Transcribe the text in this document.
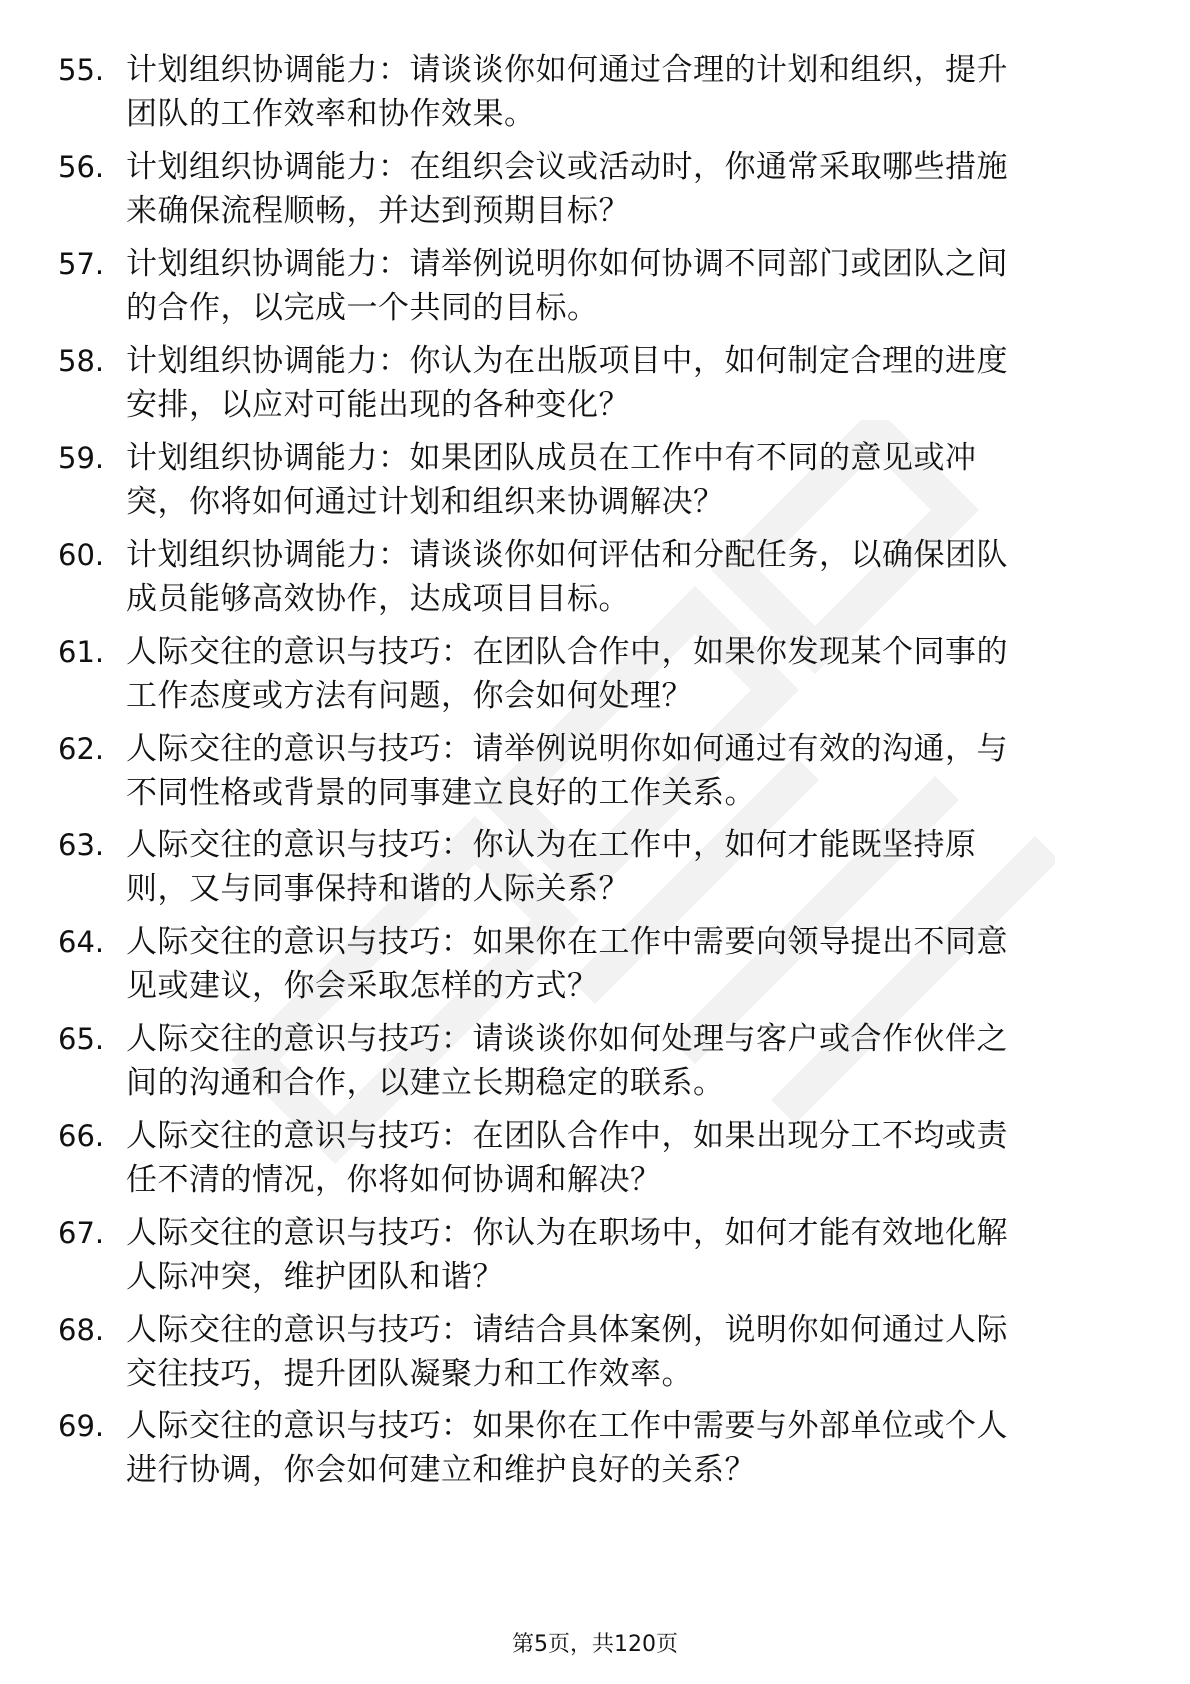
55. 计划组织协调能力：请谈谈你如何通过合理的计划和组织，提升
团队的工作效率和协作效果。
56. 计划组织协调能力：在组织会议或活动时，你通常采取哪些措施
来确保流程顺畅，并达到预期目标？
57. 计划组织协调能力：请举例说明你如何协调不同部门或团队之间
的合作，以完成一个共同的目标。
58. 计划组织协调能力：你认为在出版项目中，如何制定合理的进度
安排，以应对可能出现的各种变化？
59. 计划组织协调能力：如果团队成员在工作中有不同的意见或冲
突，你将如何通过计划和组织来协调解决？
60. 计划组织协调能力：请谈谈你如何评估和分配任务，以确保团队
成员能够高效协作，达成项目目标。
61. 人际交往的意识与技巧：在团队合作中，如果你发现某个同事的
工作态度或方法有问题，你会如何处理？
62. 人际交往的意识与技巧：请举例说明你如何通过有效的沟通，与
不同性格或背景的同事建立良好的工作关系。
63. 人际交往的意识与技巧：你认为在工作中，如何才能既坚持原
则，又与同事保持和谐的人际关系？
64. 人际交往的意识与技巧：如果你在工作中需要向领导提出不同意
见或建议，你会采取怎样的方式？
65. 人际交往的意识与技巧：请谈谈你如何处理与客户或合作伙伴之
间的沟通和合作，以建立长期稳定的联系。
66. 人际交往的意识与技巧：在团队合作中，如果出现分工不均或责
任不清的情况，你将如何协调和解决？
67. 人际交往的意识与技巧：你认为在职场中，如何才能有效地化解
人际冲突，维护团队和谐？
68. 人际交往的意识与技巧：请结合具体案例，说明你如何通过人际
交往技巧，提升团队凝聚力和工作效率。
69. 人际交往的意识与技巧：如果你在工作中需要与外部单位或个人
进行协调，你会如何建立和维护良好的关系？
第5页，共120页
